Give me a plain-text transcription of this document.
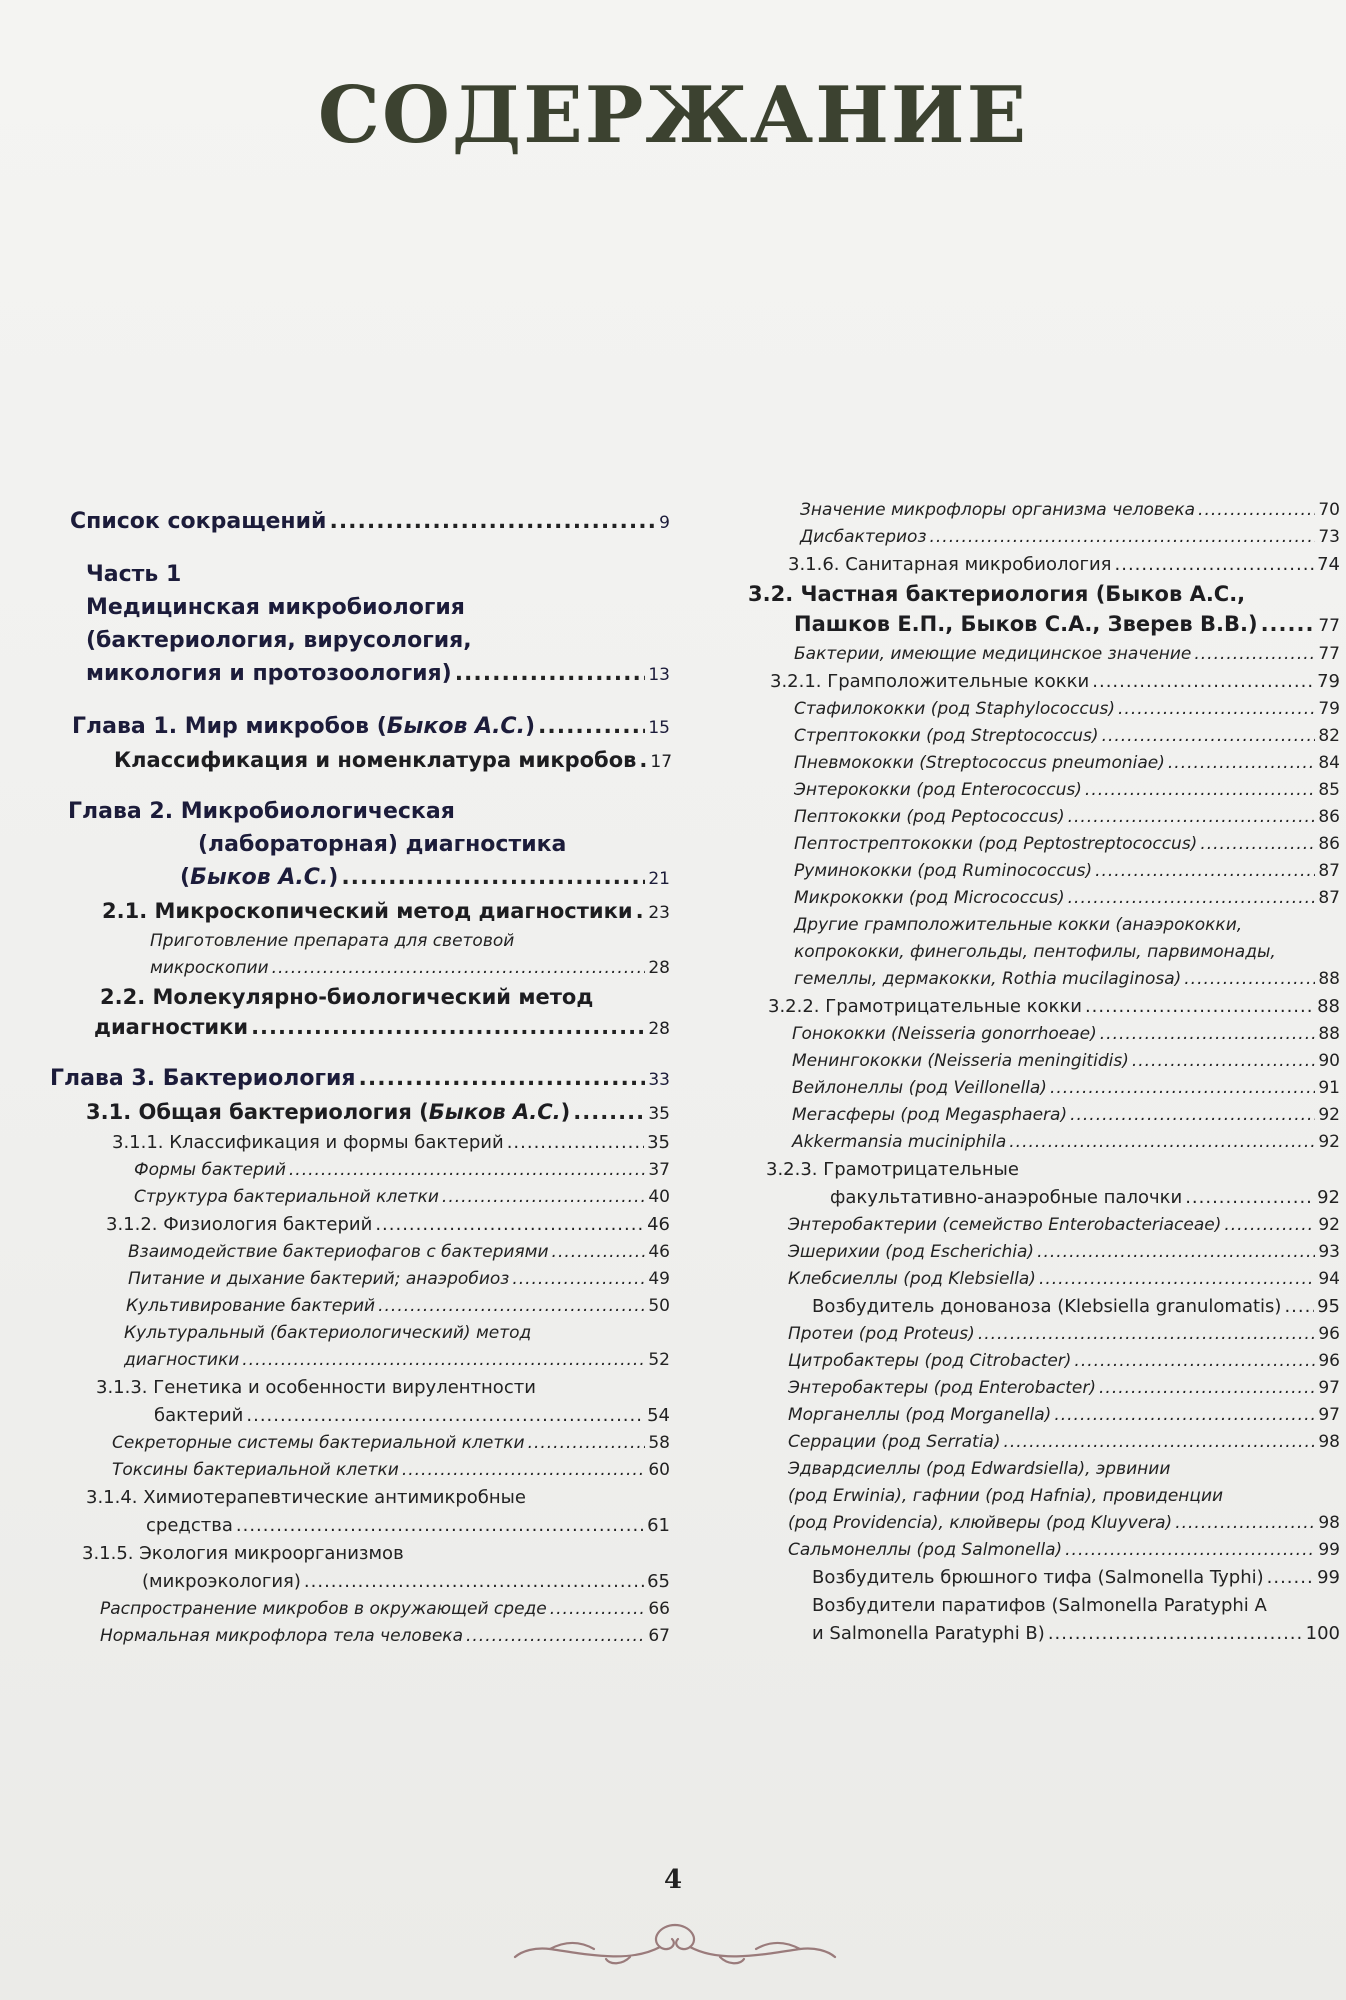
СОДЕРЖАНИЕ
Список сокращений .....	9
Часть 1
Медицинская микробиология
(бактериология, вирусология,
микология и протозоология) .....	13
Глава 1. Мир микробов (Быков А.С.) .....	15
Классификация и номенклатура микробов ..... 17
Глава 2. Микробиологическая
(лабораторная) диагностика
(Быков А.С.) .....	21
2.1. Микроскопический метод диагностики ..... 23
Приготовление препарата для световой
микроскопии .....	28
2.2. Молекулярно-биологический метод
диагностики .....	28
Глава 3. Бактериология .....	33
3.1. Общая бактериология (Быков А.С.) .....	35
3.1.1. Классификация и формы бактерий .....	35
Формы бактерий .....	37
Структура бактериальной клетки .....	40
3.1.2. Физиология бактерий .....	46
Взаимодействие бактериофагов с бактериями .....	46
Питание и дыхание бактерий; анаэробиоз .....	49
Культивирование бактерий .....	50
Культуральный (бактериологический) метод
диагностики .....	52
3.1.3. Генетика и особенности вирулентности
бактерий .....	54
Секреторные системы бактериальной клетки .....	58
Токсины бактериальной клетки .....	60
3.1.4. Химиотерапевтические антимикробные
средства .....	61
3.1.5. Экология микроорганизмов
(микроэкология) .....	65
Распространение микробов в окружающей среде .....	66
Нормальная микрофлора тела человека .....	67
Значение микрофлоры организма человека .....	70
Дисбактериоз .....	73
3.1.6. Санитарная микробиология .....	74
3.2. Частная бактериология (Быков А.С.,
Пашков Е.П., Быков С.А., Зверев В.В.) .....	77
Бактерии, имеющие медицинское значение .....	77
3.2.1. Грамположительные кокки .....	79
Стафилококки (род Staphylococcus) .....	79
Стрептококки (род Streptococcus) .....	82
Пневмококки (Streptococcus pneumoniae) .....	84
Энтерококки (род Enterococcus) .....	85
Пептококки (род Peptococcus) .....	86
Пептострептококки (род Peptostreptococcus) .....	86
Руминококки (род Ruminococcus) .....	87
Микрококки (род Micrococcus) .....	87
Другие грамположительные кокки (анаэрококки,
копрококки, финегольды, пентофилы, парвимонады,
гемеллы, дермакокки, Rothia mucilaginosa) .....	88
3.2.2. Грамотрицательные кокки .....	88
Гонококки (Neisseria gonorrhoeae) .....	88
Менингококки (Neisseria meningitidis) .....	90
Вейлонеллы (род Veillonella) .....	91
Мегасферы (род Megasphaera) .....	92
Akkermansia muciniphila .....	92
3.2.3. Грамотрицательные
факультативно-анаэробные палочки .....	92
Энтеробактерии (семейство Enterobacteriaceae) .....	92
Эшерихии (род Escherichia) .....	93
Клебсиеллы (род Klebsiella) .....	94
Возбудитель донованоза (Klebsiella granulomatis) ..... 95
Протеи (род Proteus) .....	96
Цитробактеры (род Citrobacter) .....	96
Энтеробактеры (род Enterobacter) .....	97
Морганеллы (род Morganella) .....	97
Серрации (род Serratia) .....	98
Эдвардсиеллы (род Edwardsiella), эрвинии
(род Erwinia), гафнии (род Hafnia), провиденции
(род Providencia), клюйверы (род Kluyvera) .....	98
Сальмонеллы (род Salmonella) .....	99
Возбудитель брюшного тифа (Salmonella Typhi) .....	99
Возбудители паратифов (Salmonella Paratyphi A
и Salmonella Paratyphi B) .....	100
4
